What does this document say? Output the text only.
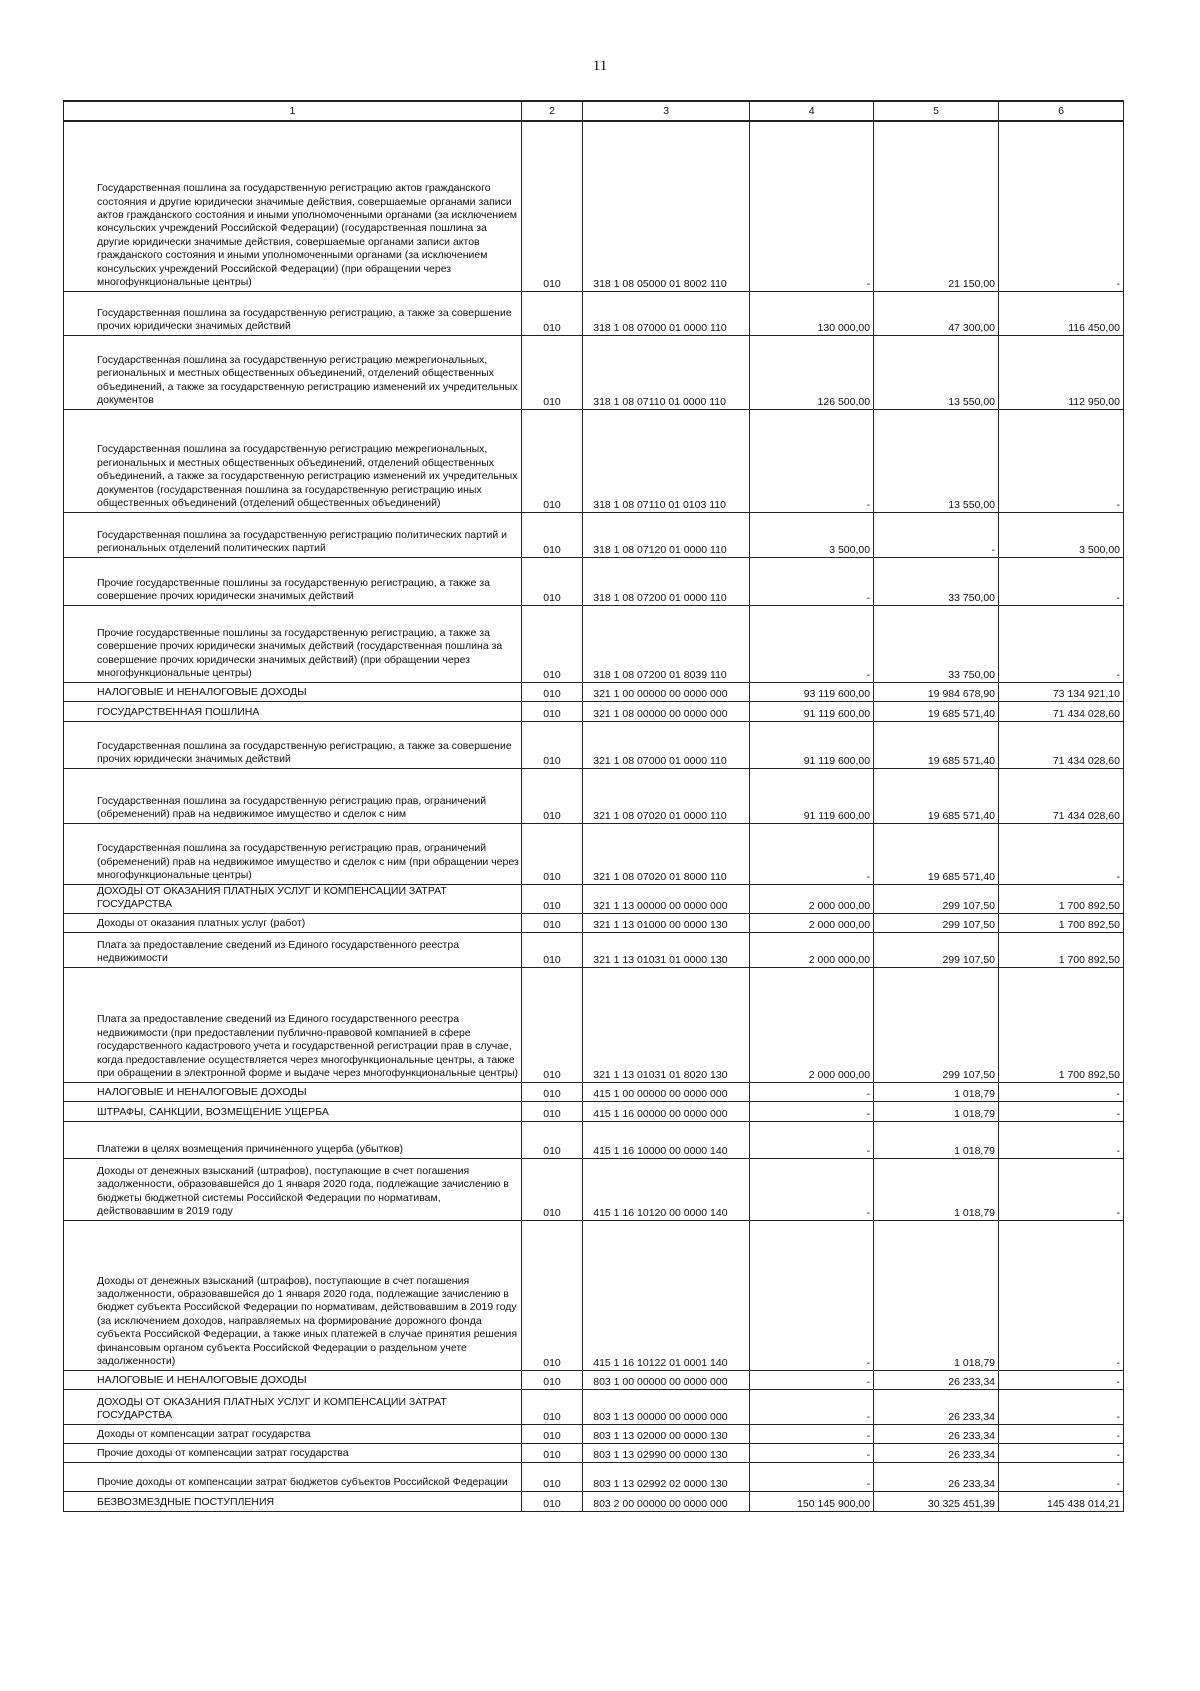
11
1	2	3	4	5	6
Государственная пошлина за государственную регистрацию актов гражданского состояния и другие юридически значимые действия, совершаемые органами записи актов гражданского состояния и иными уполномоченными органами (за исключением консульских учреждений Российской Федерации) (государственная пошлина за другие юридически значимые действия, совершаемые органами записи актов гражданского состояния и иными уполномоченными органами (за исключением консульских учреждений Российской Федерации) (при обращении через многофункциональные центры)	010	318 1 08 05000 01 8002 110	-	21 150,00	-
Государственная пошлина за государственную регистрацию, а также за совершение прочих юридически значимых действий	010	318 1 08 07000 01 0000 110	130 000,00	47 300,00	116 450,00
Государственная пошлина за государственную регистрацию межрегиональных, региональных и местных общественных объединений, отделений общественных объединений, а также за государственную регистрацию изменений их учредительных документов	010	318 1 08 07110 01 0000 110	126 500,00	13 550,00	112 950,00
Государственная пошлина за государственную регистрацию межрегиональных, региональных и местных общественных объединений, отделений общественных объединений, а также за государственную регистрацию изменений их учредительных документов (государственная пошлина за государственную регистрацию иных общественных объединений (отделений общественных объединений)	010	318 1 08 07110 01 0103 110	-	13 550,00	-
Государственная пошлина за государственную регистрацию политических партий и региональных отделений политических партий	010	318 1 08 07120 01 0000 110	3 500,00	-	3 500,00
Прочие государственные пошлины за государственную регистрацию, а также за совершение прочих юридически значимых действий	010	318 1 08 07200 01 0000 110	-	33 750,00	-
Прочие государственные пошлины за государственную регистрацию, а также за совершение прочих юридически значимых действий (государственная пошлина за совершение прочих юридически значимых действий) (при обращении через многофункциональные центры)	010	318 1 08 07200 01 8039 110	-	33 750,00	-
НАЛОГОВЫЕ И НЕНАЛОГОВЫЕ ДОХОДЫ	010	321 1 00 00000 00 0000 000	93 119 600,00	19 984 678,90	73 134 921,10
ГОСУДАРСТВЕННАЯ ПОШЛИНА	010	321 1 08 00000 00 0000 000	91 119 600,00	19 685 571,40	71 434 028,60
Государственная пошлина за государственную регистрацию, а также за совершение прочих юридически значимых действий	010	321 1 08 07000 01 0000 110	91 119 600,00	19 685 571,40	71 434 028,60
Государственная пошлина за государственную регистрацию прав, ограничений (обременений) прав на недвижимое имущество и сделок с ним	010	321 1 08 07020 01 0000 110	91 119 600,00	19 685 571,40	71 434 028,60
Государственная пошлина за государственную регистрацию прав, ограничений (обременений) прав на недвижимое имущество и сделок с ним (при обращении через многофункциональные центры)	010	321 1 08 07020 01 8000 110	-	19 685 571,40	-
ДОХОДЫ ОТ ОКАЗАНИЯ ПЛАТНЫХ УСЛУГ И КОМПЕНСАЦИИ ЗАТРАТ ГОСУДАРСТВА	010	321 1 13 00000 00 0000 000	2 000 000,00	299 107,50	1 700 892,50
Доходы от оказания платных услуг (работ)	010	321 1 13 01000 00 0000 130	2 000 000,00	299 107,50	1 700 892,50
Плата за предоставление сведений из Единого государственного реестра недвижимости	010	321 1 13 01031 01 0000 130	2 000 000,00	299 107,50	1 700 892,50
Плата за предоставление сведений из Единого государственного реестра недвижимости (при предоставлении публично-правовой компанией в сфере государственного кадастрового учета и государственной регистрации прав в случае, когда предоставление осуществляется через многофункциональные центры, а также при обращении в электронной форме и выдаче через многофункциональные центры)	010	321 1 13 01031 01 8020 130	2 000 000,00	299 107,50	1 700 892,50
НАЛОГОВЫЕ И НЕНАЛОГОВЫЕ ДОХОДЫ	010	415 1 00 00000 00 0000 000	-	1 018,79	-
ШТРАФЫ, САНКЦИИ, ВОЗМЕЩЕНИЕ УЩЕРБА	010	415 1 16 00000 00 0000 000	-	1 018,79	-
Платежи в целях возмещения причиненного ущерба (убытков)	010	415 1 16 10000 00 0000 140	-	1 018,79	-
Доходы от денежных взысканий (штрафов), поступающие в счет погашения задолженности, образовавшейся до 1 января 2020 года, подлежащие зачислению в бюджеты бюджетной системы Российской Федерации по нормативам, действовавшим в 2019 году	010	415 1 16 10120 00 0000 140	-	1 018,79	-
Доходы от денежных взысканий (штрафов), поступающие в счет погашения задолженности, образовавшейся до 1 января 2020 года, подлежащие зачислению в бюджет субъекта Российской Федерации по нормативам, действовавшим в 2019 году (за исключением доходов, направляемых на формирование дорожного фонда субъекта Российской Федерации, а также иных платежей в случае принятия решения финансовым органом субъекта Российской Федерации о раздельном учете задолженности)	010	415 1 16 10122 01 0001 140	-	1 018,79	-
НАЛОГОВЫЕ И НЕНАЛОГОВЫЕ ДОХОДЫ	010	803 1 00 00000 00 0000 000	-	26 233,34	-
ДОХОДЫ ОТ ОКАЗАНИЯ ПЛАТНЫХ УСЛУГ И КОМПЕНСАЦИИ ЗАТРАТ ГОСУДАРСТВА	010	803 1 13 00000 00 0000 000	-	26 233,34	-
Доходы от компенсации затрат государства	010	803 1 13 02000 00 0000 130	-	26 233,34	-
Прочие доходы от компенсации затрат государства	010	803 1 13 02990 00 0000 130	-	26 233,34	-
Прочие доходы от компенсации затрат бюджетов субъектов Российской Федерации	010	803 1 13 02992 02 0000 130	-	26 233,34	-
БЕЗВОЗМЕЗДНЫЕ ПОСТУПЛЕНИЯ	010	803 2 00 00000 00 0000 000	150 145 900,00	30 325 451,39	145 438 014,21
